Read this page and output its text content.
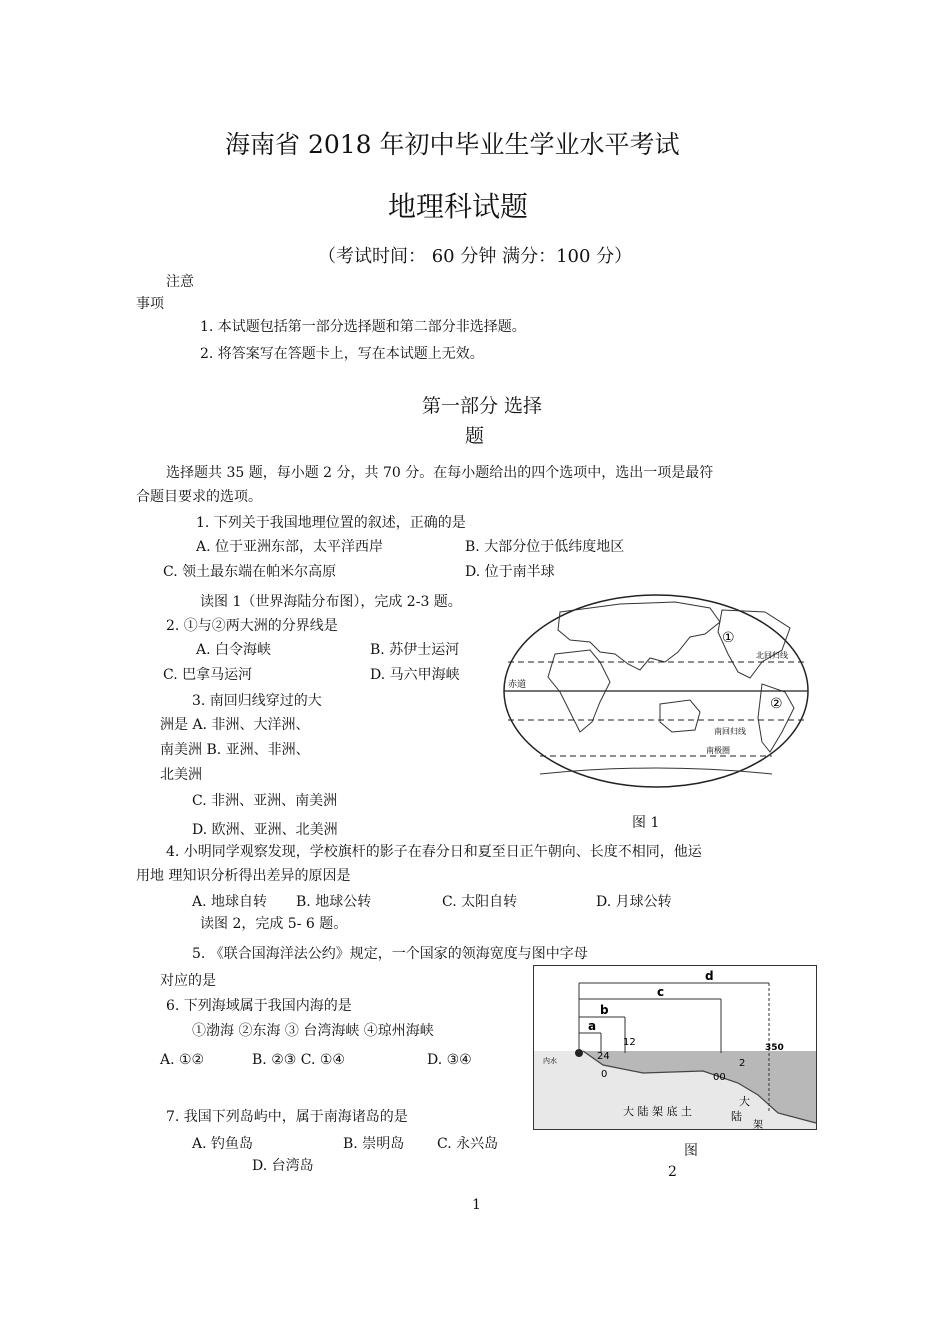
海南省 2018 年初中毕业生学业水平考试
地理科试题
（考试时间： 60 分钟 满分：100 分）
注意
事项
1. 本试题包括第一部分选择题和第二部分非选择题。
2. 将答案写在答题卡上，写在本试题上无效。
第一部分 选择
题
选择题共 35 题，每小题 2 分，共 70 分。在每小题给出的四个选项中，选出一项是最符
合题目要求的选项。
1. 下列关于我国地理位置的叙述，正确的是
A. 位于亚洲东部，太平洋西岸	B. 大部分位于低纬度地区
C. 领土最东端在帕米尔高原	D. 位于南半球
读图 1（世界海陆分布图），完成 2-3 题。
2. ①与②两大洲的分界线是
A. 白令海峡	B. 苏伊士运河
C. 巴拿马运河	D. 马六甲海峡
3. 南回归线穿过的大
洲是 A. 非洲、大洋洲、
南美洲 B. 亚洲、非洲、
北美洲
C. 非洲、亚洲、南美洲
D. 欧洲、亚洲、北美洲
赤道
北回归线
南回归线
南极圈
①
②
图 1
4. 小明同学观察发现，学校旗杆的影子在春分日和夏至日正午朝向、长度不相同，他运
用地 理知识分析得出差异的原因是
A. 地球自转 B. 地球公转	C. 太阳自转	D. 月球公转
读图 2，完成 5- 6 题。
5. 《联合国海洋法公约》规定，一个国家的领海宽度与图中字母
对应的是
6. 下列海域属于我国内海的是
①渤海 ②东海 ③ 台湾海峡 ④琼州海峡
A. ①②	B. ②③ C. ①④	D. ③④
a
b
c
d
12
24
0
2
00
350
内水
大 陆 架 底 土
大
陆
架
图
2
7. 我国下列岛屿中，属于南海诸岛的是
A. 钓鱼岛	B. 崇明岛 C. 永兴岛
D. 台湾岛
1
